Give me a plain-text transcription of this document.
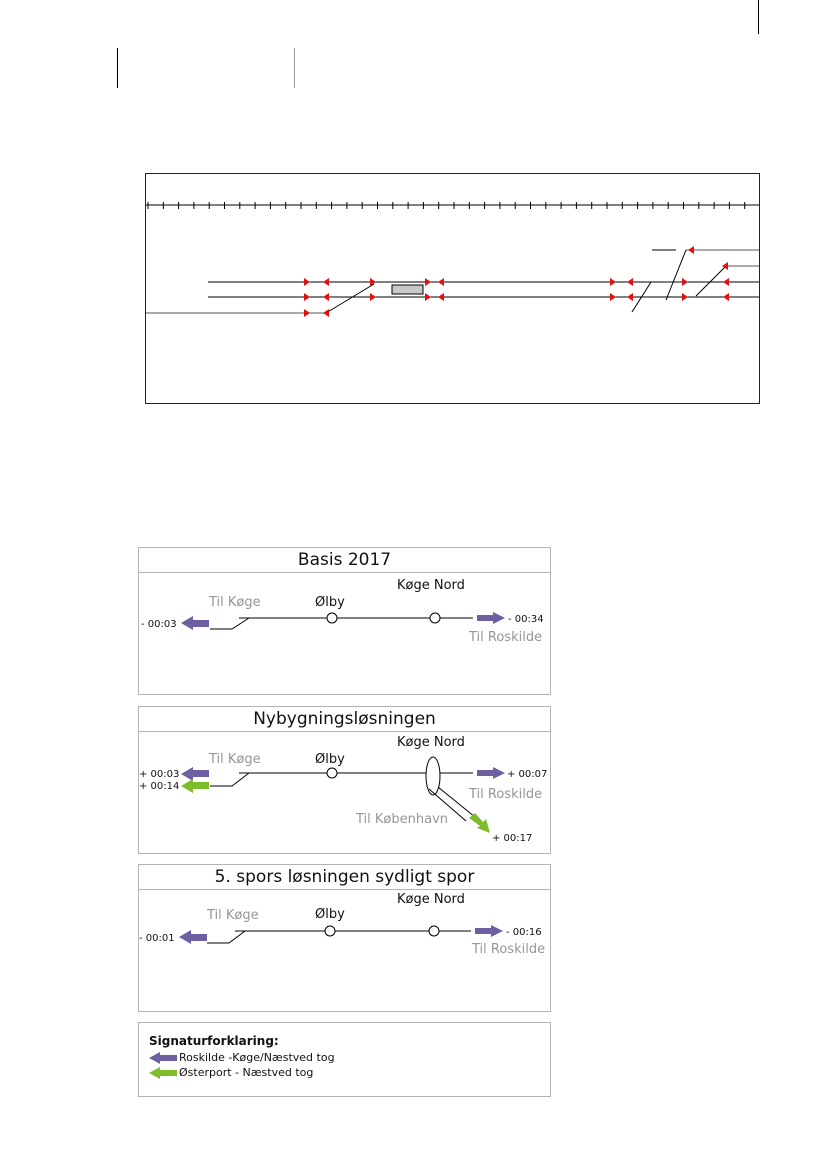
Basis 2017
Til Køge	Ølby
Køge Nord
Til Roskilde
- 00:03	- 00:34
Nybygningsløsningen
Til Køge	Ølby
Køge Nord
Til Roskilde
Til København
+ 00:03
+ 00:14
+ 00:07
+ 00:17
5. spors løsningen sydligt spor
Til Køge	Ølby
Køge Nord
Til Roskilde
- 00:01
- 00:16
Signaturforklaring:
Roskilde -Køge/Næstved tog
Østerport - Næstved tog
